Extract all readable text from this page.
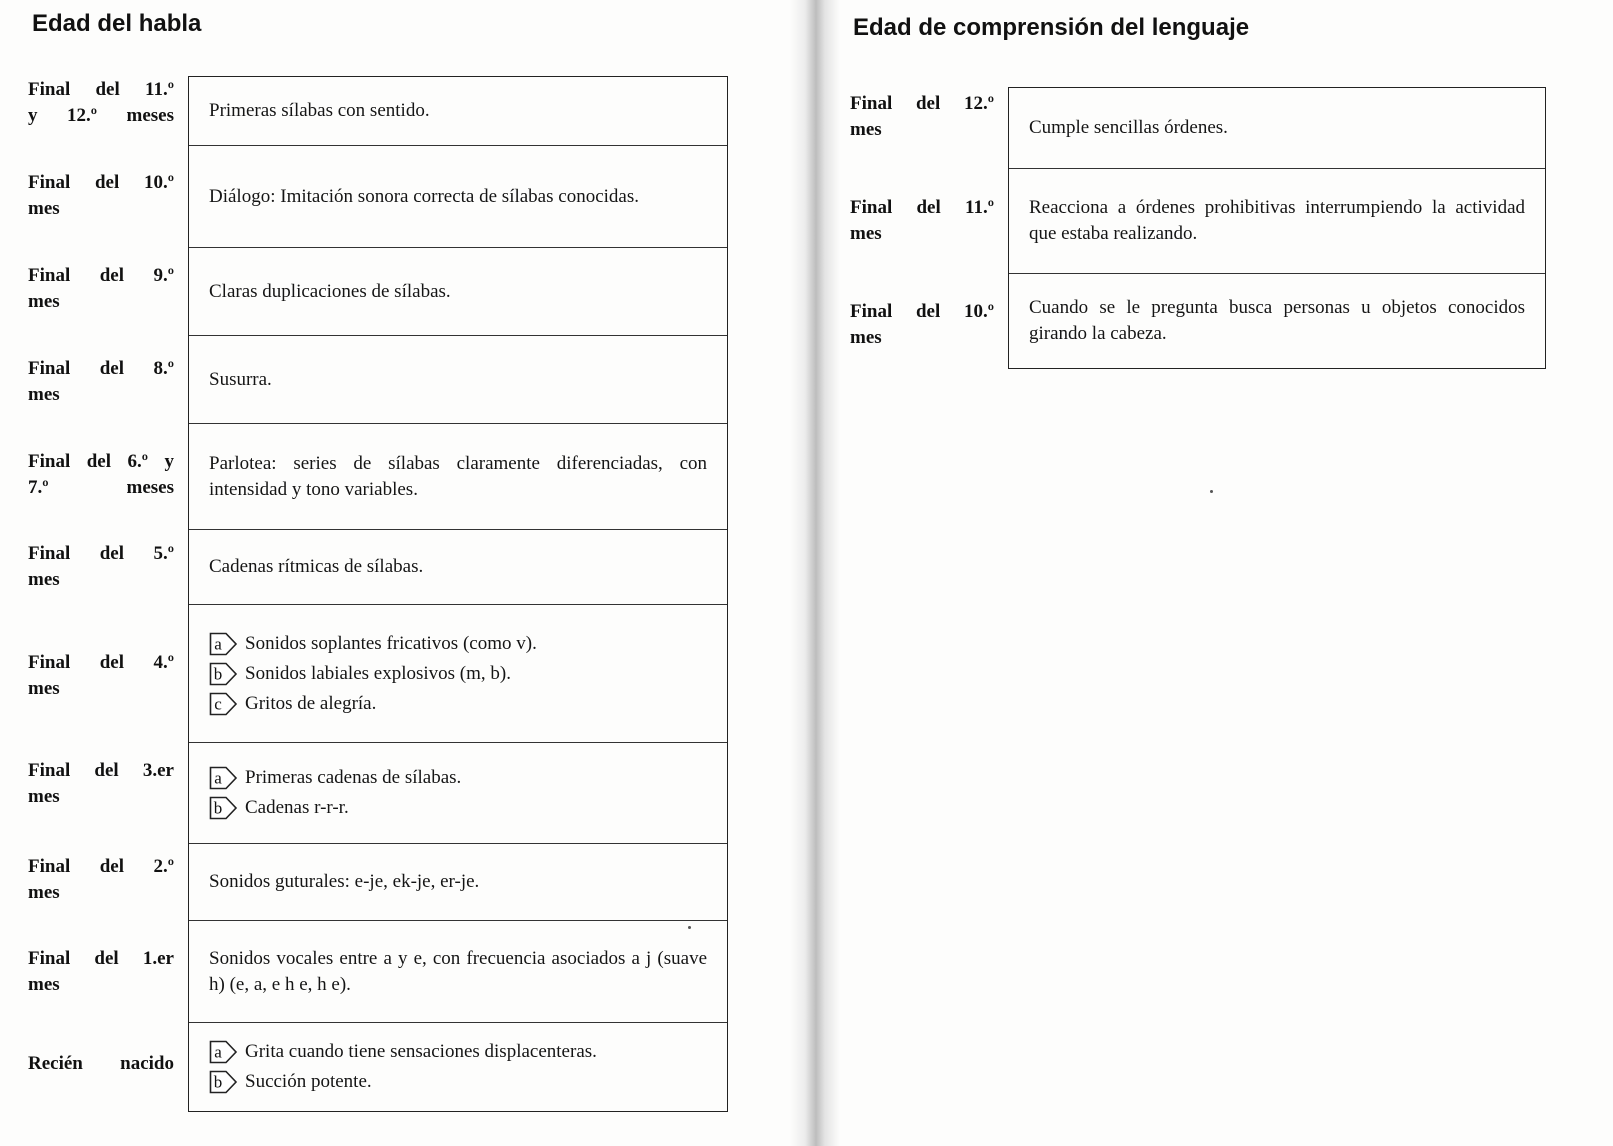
Edad del habla
Final del 11.º
y 12.º meses
Final del 10.º
mes
Final del 9.º
mes
Final del 8.º
mes
Final del 6.º y
7.º meses
Final del 5.º
mes
Final del 4.º
mes
Final del 3.er
mes
Final del 2.º
mes
Final del 1.er
mes
Recién nacido
Primeras sílabas con sentido.
Diálogo: Imitación sonora correcta de sílabas conocidas.
Claras duplicaciones de sílabas.
Susurra.
Parlotea: series de sílabas claramente diferenciadas, con intensidad y tono variables.
Cadenas rítmicas de sílabas.
a Sonidos soplantes fricativos (como v).
b Sonidos labiales explosivos (m, b).
c Gritos de alegría.
a Primeras cadenas de sílabas.
b Cadenas r-r-r.
Sonidos guturales: e-je, ek-je, er-je.
Sonidos vocales entre a y e, con frecuencia asociados a j (suave h) (e, a, e h e, h e).
a Grita cuando tiene sensaciones displacenteras.
b Succión potente.
Edad de comprensión del lenguaje
Final del 12.º
mes
Final del 11.º
mes
Final del 10.º
mes
Cumple sencillas órdenes.
Reacciona a órdenes prohibitivas interrumpiendo la actividad que estaba realizando.
Cuando se le pregunta busca personas u objetos conocidos girando la cabeza.
